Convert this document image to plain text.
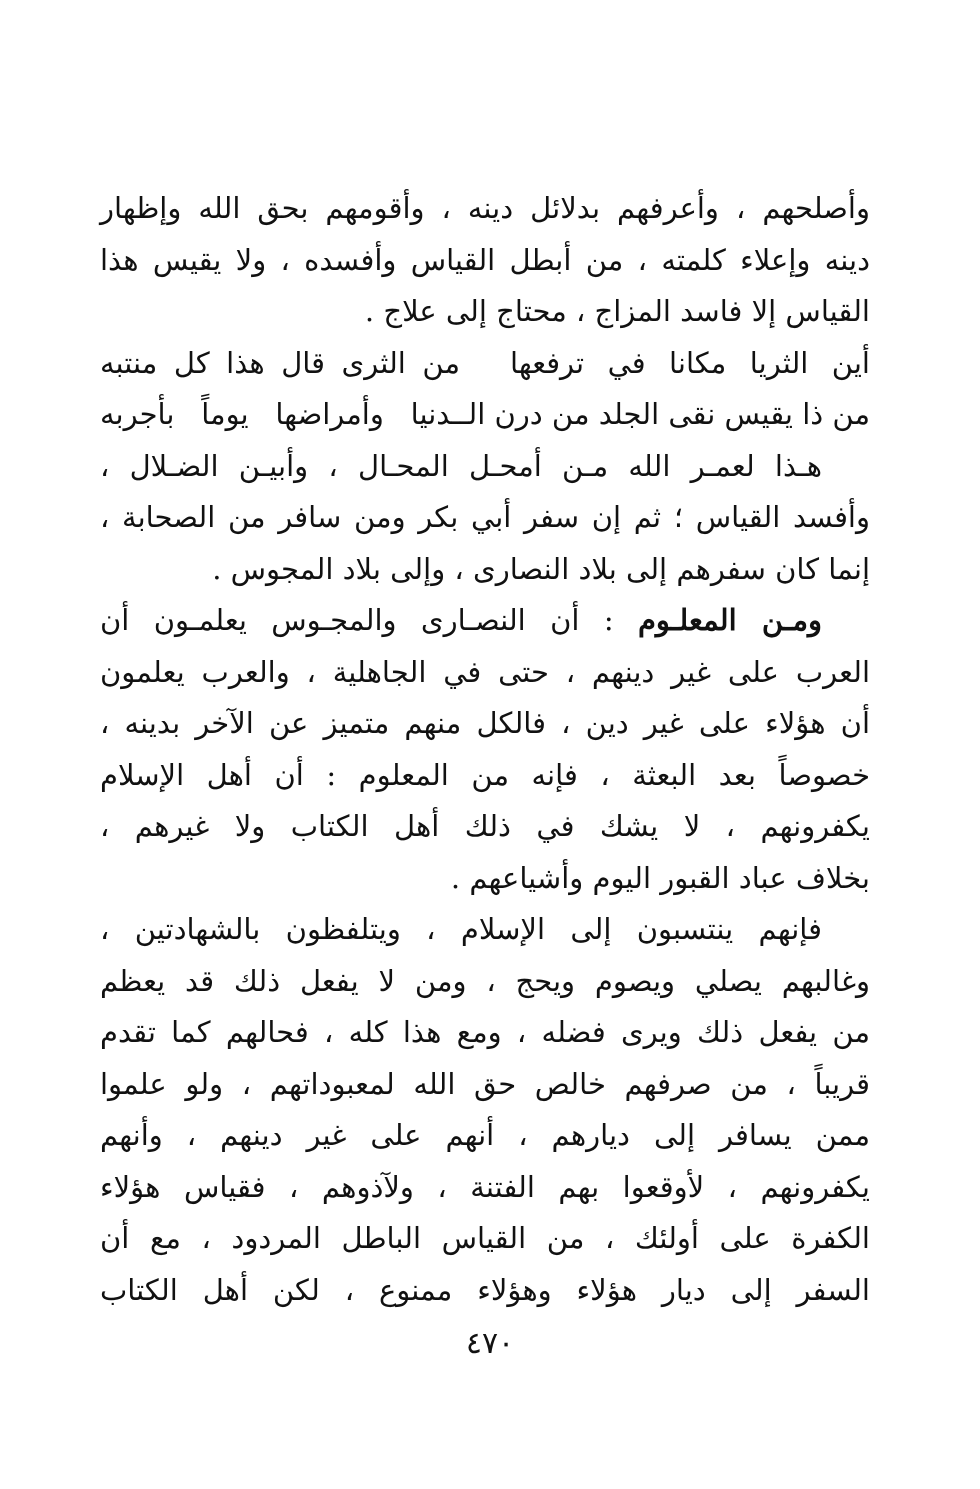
وأصلحهم ، وأعرفهم بدلائل دينه ، وأقومهم بحق الله وإظهار
دينه وإعلاء كلمته ، من أبطل القياس وأفسده ، ولا يقيس هذا
القياس إلا فاسد المزاج ، محتاج إلى علاج .
أين الثريا مكانا في ترفعها
من الثرى قال هذا كل منتبه
من ذا يقيس نقى الجلد من درن الـ
ـدنيا وأمراضها يوماً بأجربه
هـذا لعمـر الله مـن أمحـل المحـال ، وأبيـن الضـلال ،
وأفسد القياس ؛ ثم إن سفر أبي بكر ومن سافر من الصحابة ،
إنما كان سفرهم إلى بلاد النصارى ، وإلى بلاد المجوس .
ومـن المعلـوم : أن النصـارى والمجـوس يعلمـون أن
العرب على غير دينهم ، حتى في الجاهلية ، والعرب يعلمون
أن هؤلاء على غير دين ، فالكل منهم متميز عن الآخر بدينه ،
خصوصاً بعد البعثة ، فإنه من المعلوم : أن أهل الإسلام
يكفرونهم ، لا يشك في ذلك أهل الكتاب ولا غيرهم ،
بخلاف عباد القبور اليوم وأشياعهم .
فإنهم ينتسبون إلى الإسلام ، ويتلفظون بالشهادتين ،
وغالبهم يصلي ويصوم ويحج ، ومن لا يفعل ذلك قد يعظم
من يفعل ذلك ويرى فضله ، ومع هذا كله ، فحالهم كما تقدم
قريباً ، من صرفهم خالص حق الله لمعبوداتهم ، ولو علموا
ممن يسافر إلى ديارهم ، أنهم على غير دينهم ، وأنهم
يكفرونهم ، لأوقعوا بهم الفتنة ، ولآذوهم ، فقياس هؤلاء
الكفرة على أولئك ، من القياس الباطل المردود ، مع أن
السفر إلى ديار هؤلاء وهؤلاء ممنوع ، لكن أهل الكتاب
٤٧٠
